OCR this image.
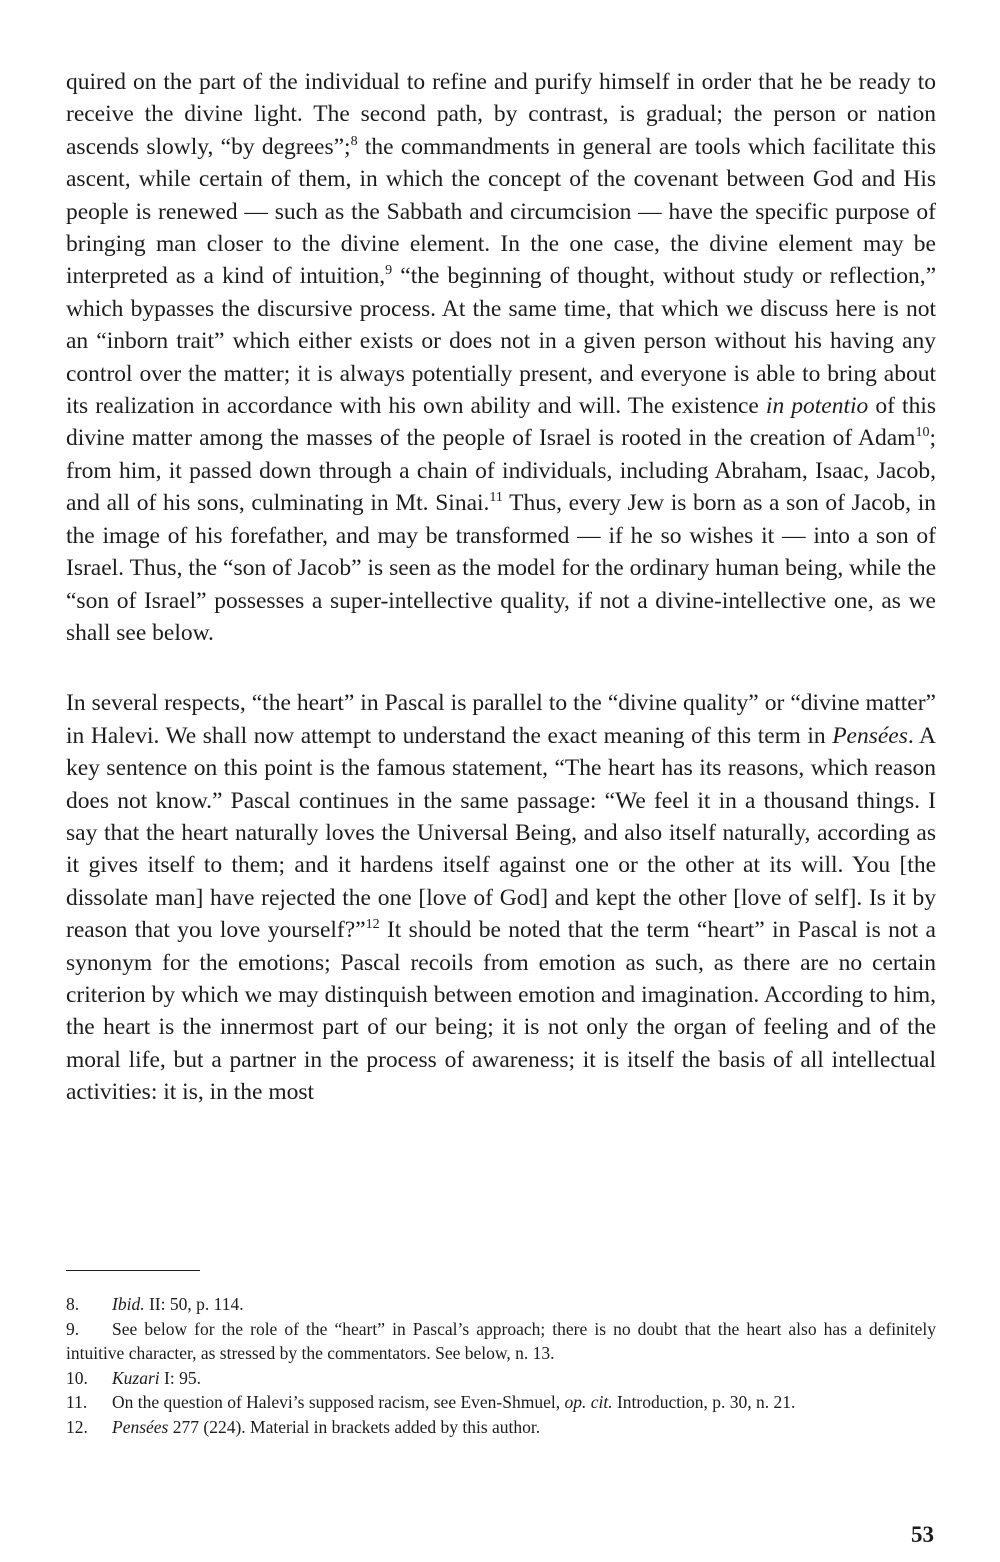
quired on the part of the individual to refine and purify himself in order that he be ready to receive the divine light. The second path, by contrast, is gradual; the person or nation ascends slowly, “by degrees”;$^8$ the commandments in general are tools which facilitate this ascent, while certain of them, in which the concept of the covenant between God and His people is renewed — such as the Sabbath and circumcision — have the specific purpose of bringing man closer to the divine element. In the one case, the divine element may be interpreted as a kind of intuition,$^9$ “the beginning of thought, without study or reflection,” which bypasses the discursive process. At the same time, that which we discuss here is not an “inborn trait” which either exists or does not in a given person without his having any control over the matter; it is always potentially present, and everyone is able to bring about its realization in accordance with his own ability and will. The existence in potentio of this divine matter among the masses of the people of Israel is rooted in the creation of Adam$^{10}$; from him, it passed down through a chain of individuals, including Abraham, Isaac, Jacob, and all of his sons, culminating in Mt. Sinai.$^{11}$ Thus, every Jew is born as a son of Jacob, in the image of his forefather, and may be transformed — if he so wishes it — into a son of Israel. Thus, the “son of Jacob” is seen as the model for the ordinary human being, while the “son of Israel” possesses a super-intellective quality, if not a divine-intellective one, as we shall see below.

In several respects, “the heart” in Pascal is parallel to the “divine quality” or “divine matter” in Halevi. We shall now attempt to understand the exact meaning of this term in Pensées. A key sentence on this point is the famous statement, “The heart has its reasons, which reason does not know.” Pascal continues in the same passage: “We feel it in a thousand things. I say that the heart naturally loves the Universal Being, and also itself naturally, according as it gives itself to them; and it hardens itself against one or the other at its will. You [the dissolate man] have rejected the one [love of God] and kept the other [love of self]. Is it by reason that you love yourself?”$^{12}$ It should be noted that the term “heart” in Pascal is not a synonym for the emotions; Pascal recoils from emotion as such, as there are no certain criterion by which we may distinquish between emotion and imagination. According to him, the heart is the innermost part of our being; it is not only the organ of feeling and of the moral life, but a partner in the process of awareness; it is itself the basis of all intellectual activities: it is, in the most

8. Ibid. II: 50, p. 114.

9. See below for the role of the “heart” in Pascal’s approach; there is no doubt that the heart also has a definitely intuitive character, as stressed by the commentators. See below, n. 13.

10. Kuzari I: 95.

11. On the question of Halevi’s supposed racism, see Even-Shmuel, op. cit. Introduction, p. 30, n. 21.

12. Pensées 277 (224). Material in brackets added by this author.

53
